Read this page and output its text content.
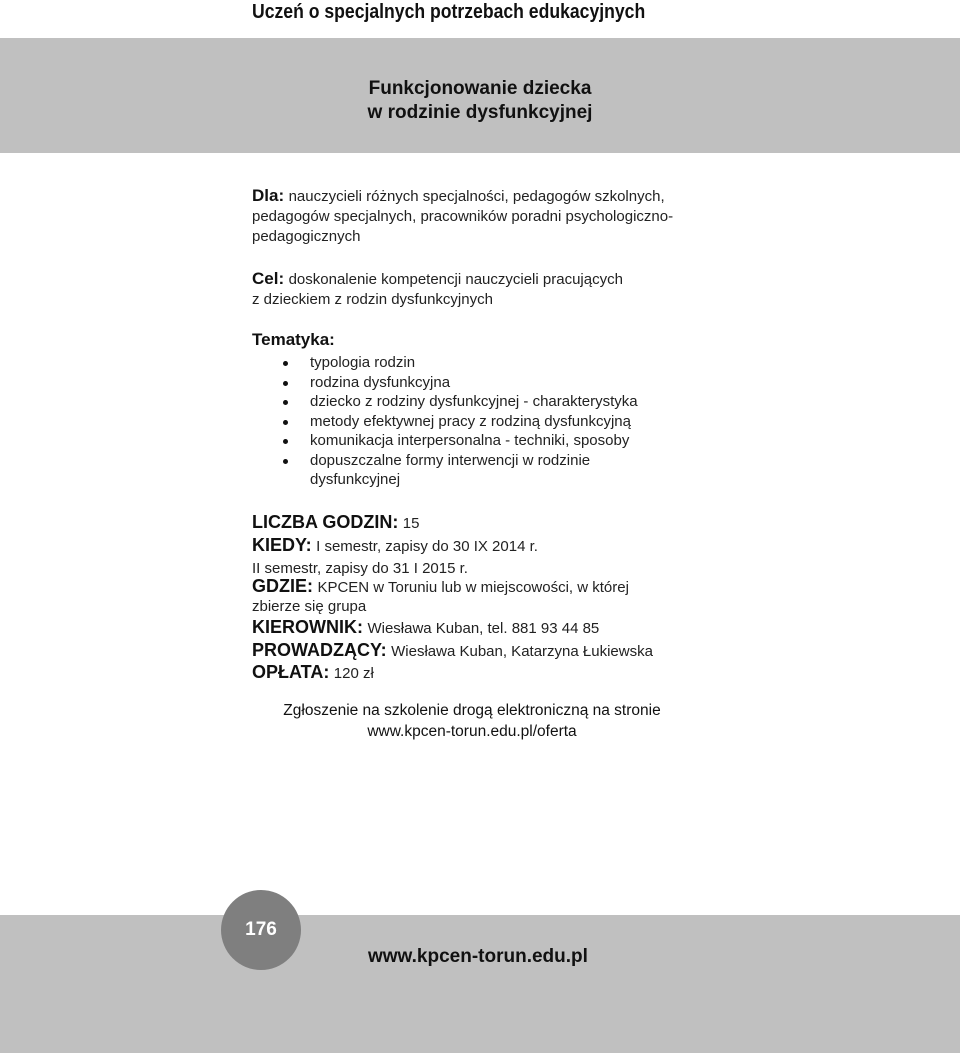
Uczeń o specjalnych potrzebach edukacyjnych
Funkcjonowanie dziecka
w rodzinie dysfunkcyjnej
Dla: nauczycieli różnych specjalności, pedagogów szkolnych,
pedagogów specjalnych, pracowników poradni psychologiczno-
pedagogicznych
Cel: doskonalenie kompetencji nauczycieli pracujących
z dzieckiem z rodzin dysfunkcyjnych
Tematyka:
typologia rodzin
rodzina dysfunkcyjna
dziecko z rodziny dysfunkcyjnej - charakterystyka
metody efektywnej pracy z rodziną dysfunkcyjną
komunikacja interpersonalna - techniki, sposoby
dopuszczalne formy interwencji w rodzinie
dysfunkcyjnej
LICZBA GODZIN: 15
KIEDY: I semestr, zapisy do 30 IX 2014 r.
II semestr, zapisy do 31 I 2015 r.
GDZIE: KPCEN w Toruniu lub w miejscowości, w której
zbierze się grupa
KIEROWNIK: Wiesława Kuban, tel. 881 93 44 85
PROWADZĄCY: Wiesława Kuban, Katarzyna Łukiewska
OPŁATA: 120 zł
Zgłoszenie na szkolenie drogą elektroniczną na stronie
www.kpcen-torun.edu.pl/oferta
176
www.kpcen-torun.edu.pl
